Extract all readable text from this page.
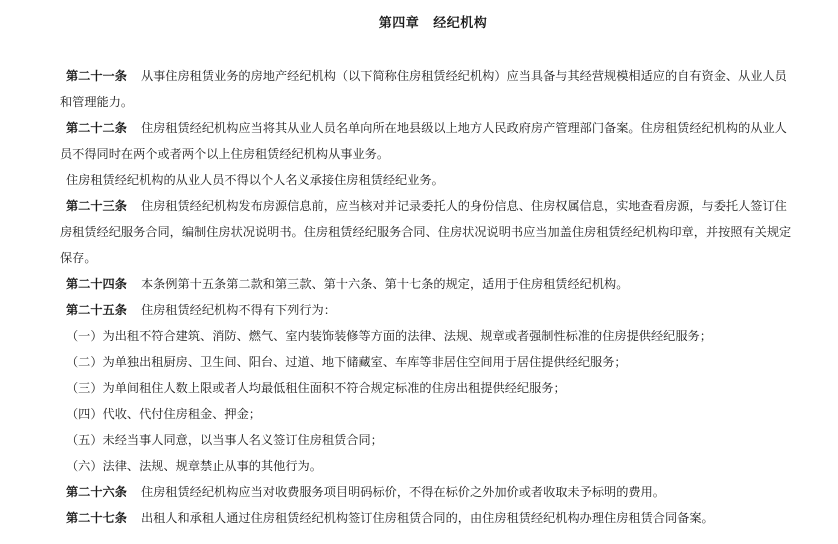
第四章 经纪机构

第二十一条 从事住房租赁业务的房地产经纪机构（以下简称住房租赁经纪机构）应当具备与其经营规模相适应的自有资金、从业人员和管理能力。

第二十二条 住房租赁经纪机构应当将其从业人员名单向所在地县级以上地方人民政府房产管理部门备案。住房租赁经纪机构的从业人员不得同时在两个或者两个以上住房租赁经纪机构从事业务。

住房租赁经纪机构的从业人员不得以个人名义承接住房租赁经纪业务。

第二十三条 住房租赁经纪机构发布房源信息前，应当核对并记录委托人的身份信息、住房权属信息，实地查看房源，与委托人签订住房租赁经纪服务合同，编制住房状况说明书。住房租赁经纪服务合同、住房状况说明书应当加盖住房租赁经纪机构印章，并按照有关规定保存。

第二十四条 本条例第十五条第二款和第三款、第十六条、第十七条的规定，适用于住房租赁经纪机构。

第二十五条 住房租赁经纪机构不得有下列行为：

（一）为出租不符合建筑、消防、燃气、室内装饰装修等方面的法律、法规、规章或者强制性标准的住房提供经纪服务；

（二）为单独出租厨房、卫生间、阳台、过道、地下储藏室、车库等非居住空间用于居住提供经纪服务；

（三）为单间租住人数上限或者人均最低租住面积不符合规定标准的住房出租提供经纪服务；

（四）代收、代付住房租金、押金；

（五）未经当事人同意，以当事人名义签订住房租赁合同；

（六）法律、法规、规章禁止从事的其他行为。

第二十六条 住房租赁经纪机构应当对收费服务项目明码标价，不得在标价之外加价或者收取未予标明的费用。

第二十七条 出租人和承租人通过住房租赁经纪机构签订住房租赁合同的，由住房租赁经纪机构办理住房租赁合同备案。
